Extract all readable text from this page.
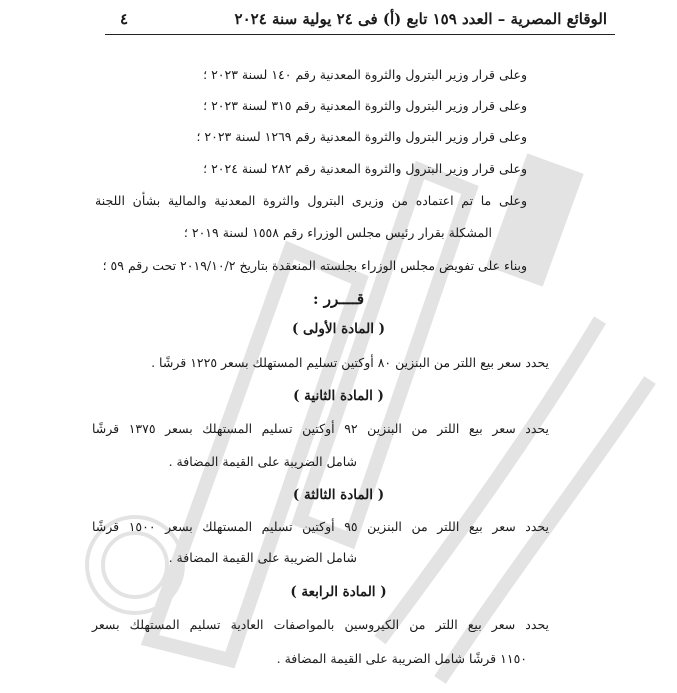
الوقائع المصرية – العدد ١٥٩ تابع (أ) فى ٢٤ يولية سنة ٢٠٢٤
٤
وعلى قرار وزير البترول والثروة المعدنية رقم ١٤٠ لسنة ٢٠٢٣ ؛
وعلى قرار وزير البترول والثروة المعدنية رقم ٣١٥ لسنة ٢٠٢٣ ؛
وعلى قرار وزير البترول والثروة المعدنية رقم ١٢٦٩ لسنة ٢٠٢٣ ؛
وعلى قرار وزير البترول والثروة المعدنية رقم ٢٨٢ لسنة ٢٠٢٤ ؛
وعلى ما تم اعتماده من وزيرى البترول والثروة المعدنية والمالية بشأن اللجنة
المشكلة بقرار رئيس مجلس الوزراء رقم ١٥٥٨ لسنة ٢٠١٩ ؛
وبناء على تفويض مجلس الوزراء بجلسته المنعقدة بتاريخ ٢٠١٩/١٠/٢ تحت رقم ٥٩ ؛
قــــرر :
( المادة الأولى )
يحدد سعر بيع اللتر من البنزين ٨٠ أوكتين تسليم المستهلك بسعر ١٢٢٥ قرشًا .
( المادة الثانية )
يحدد سعر بيع اللتر من البنزين ٩٢ أوكتين تسليم المستهلك بسعر ١٣٧٥ قرشًا
شامل الضريبة على القيمة المضافة .
( المادة الثالثة )
يحدد سعر بيع اللتر من البنزين ٩٥ أوكتين تسليم المستهلك بسعر ١٥٠٠ قرشًا
شامل الضريبة على القيمة المضافة .
( المادة الرابعة )
يحدد سعر بيع اللتر من الكيروسين بالمواصفات العادية تسليم المستهلك بسعر
١١٥٠ قرشًا شامل الضريبة على القيمة المضافة .
